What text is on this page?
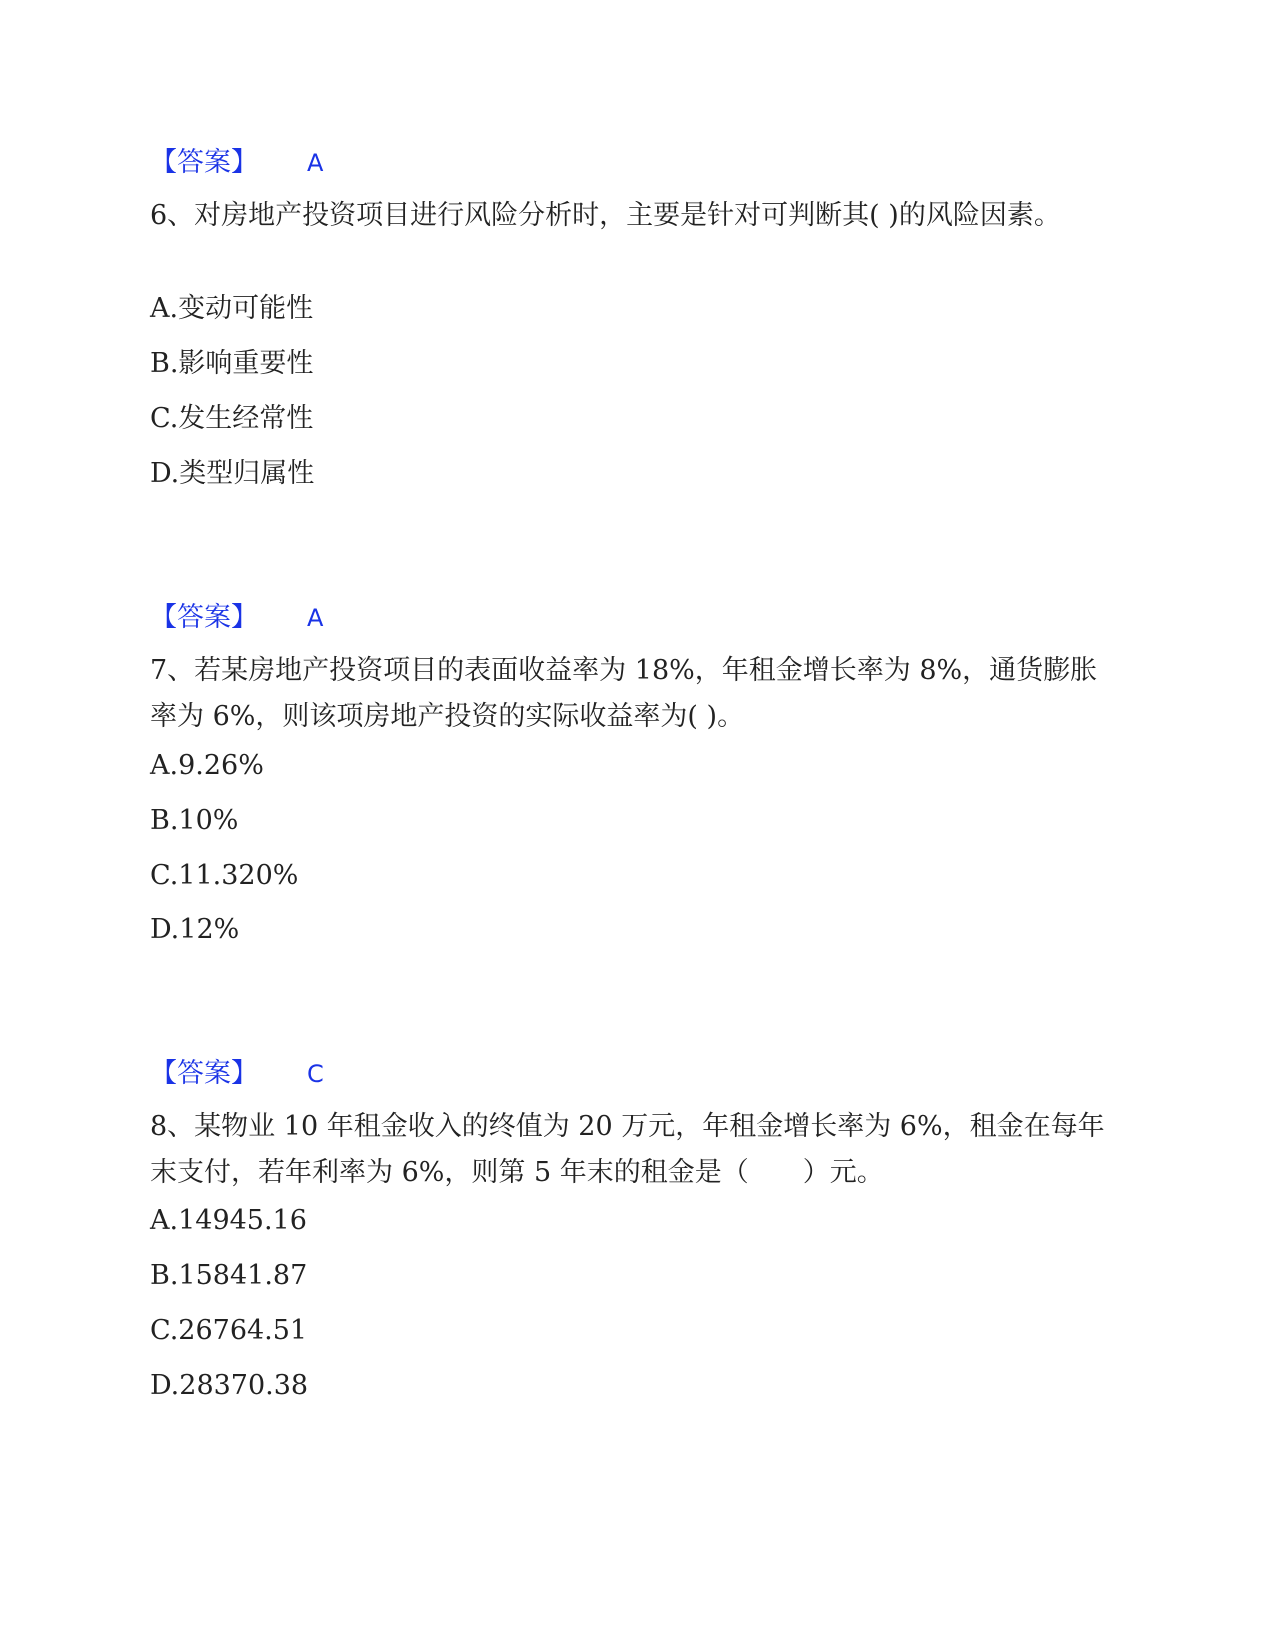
【答案】 A
6、对房地产投资项目进行风险分析时，主要是针对可判断其( )的风险因素。
A.变动可能性
B.影响重要性
C.发生经常性
D.类型归属性
【答案】 A
7、若某房地产投资项目的表面收益率为 18%，年租金增长率为 8%，通货膨胀率为 6%，则该项房地产投资的实际收益率为( )。
A.9.26%
B.10%
C.11.320%
D.12%
【答案】 C
8、某物业 10 年租金收入的终值为 20 万元，年租金增长率为 6%，租金在每年末支付，若年利率为 6%，则第 5 年末的租金是（　　）元。
A.14945.16
B.15841.87
C.26764.51
D.28370.38
